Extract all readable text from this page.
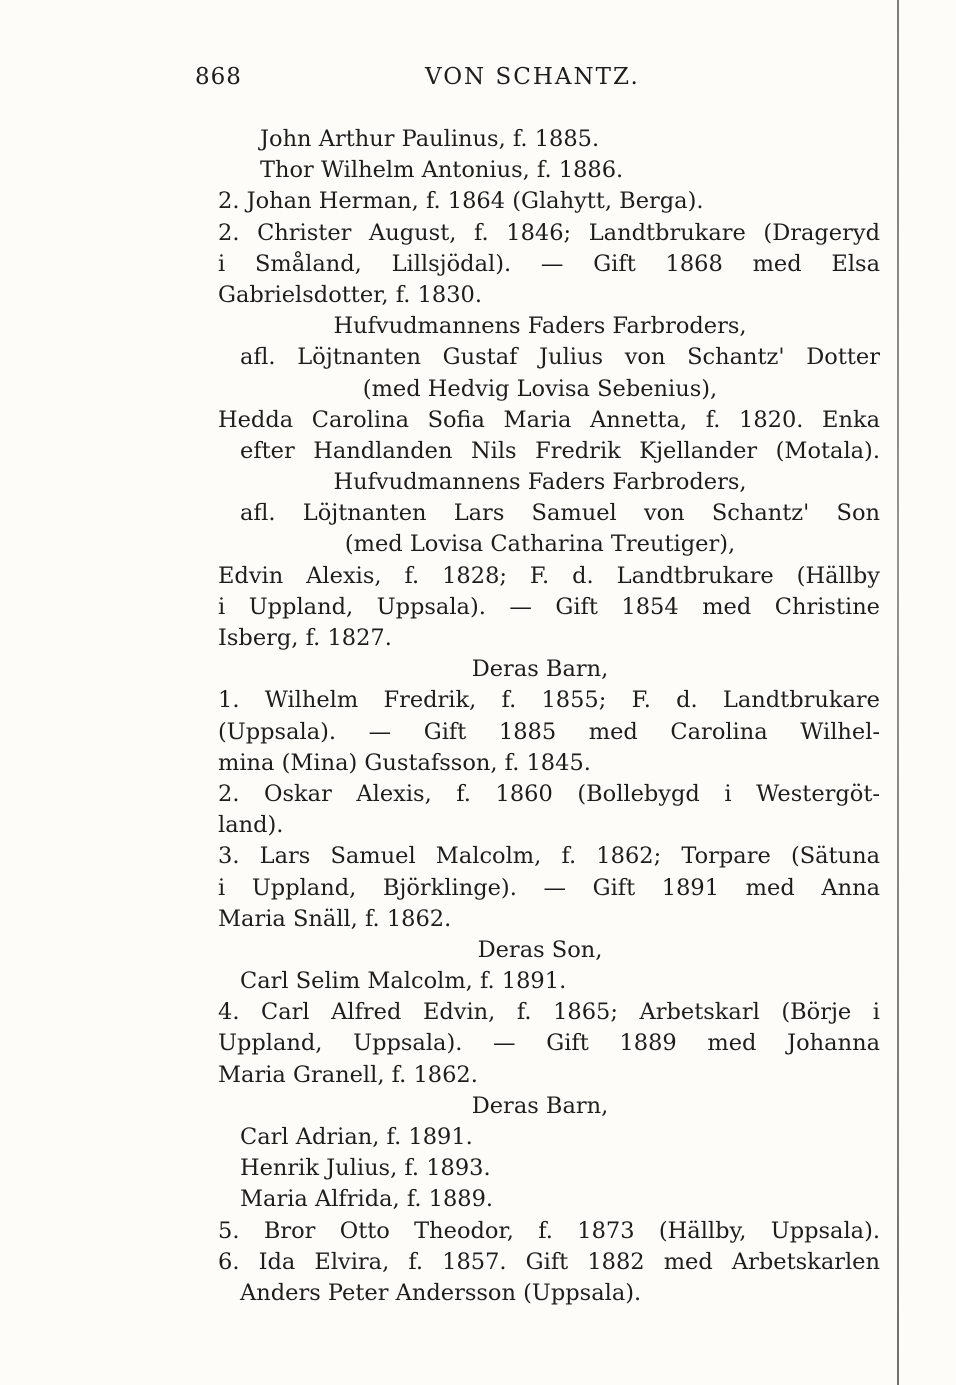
868	VON SCHANTZ.
John Arthur Paulinus, f. 1885.
Thor Wilhelm Antonius, f. 1886.
2. Johan Herman, f. 1864 (Glahytt, Berga).
2. Christer August, f. 1846; Landtbrukare (Drageryd
i Småland, Lillsjödal). — Gift 1868 med Elsa
Gabrielsdotter, f. 1830.
Hufvudmannens Faders Farbroders,
afl. Löjtnanten Gustaf Julius von Schantz' Dotter
(med Hedvig Lovisa Sebenius),
Hedda Carolina Sofia Maria Annetta, f. 1820. Enka
efter Handlanden Nils Fredrik Kjellander (Motala).
Hufvudmannens Faders Farbroders,
afl. Löjtnanten Lars Samuel von Schantz' Son
(med Lovisa Catharina Treutiger),
Edvin Alexis, f. 1828; F. d. Landtbrukare (Hällby
i Uppland, Uppsala). — Gift 1854 med Christine
Isberg, f. 1827.
Deras Barn,
1. Wilhelm Fredrik, f. 1855; F. d. Landtbrukare
(Uppsala). — Gift 1885 med Carolina Wilhel-
mina (Mina) Gustafsson, f. 1845.
2. Oskar Alexis, f. 1860 (Bollebygd i Westergöt-
land).
3. Lars Samuel Malcolm, f. 1862; Torpare (Sätuna
i Uppland, Björklinge). — Gift 1891 med Anna
Maria Snäll, f. 1862.
Deras Son,
Carl Selim Malcolm, f. 1891.
4. Carl Alfred Edvin, f. 1865; Arbetskarl (Börje i
Uppland, Uppsala). — Gift 1889 med Johanna
Maria Granell, f. 1862.
Deras Barn,
Carl Adrian, f. 1891.
Henrik Julius, f. 1893.
Maria Alfrida, f. 1889.
5. Bror Otto Theodor, f. 1873 (Hällby, Uppsala).
6. Ida Elvira, f. 1857. Gift 1882 med Arbetskarlen
Anders Peter Andersson (Uppsala).
